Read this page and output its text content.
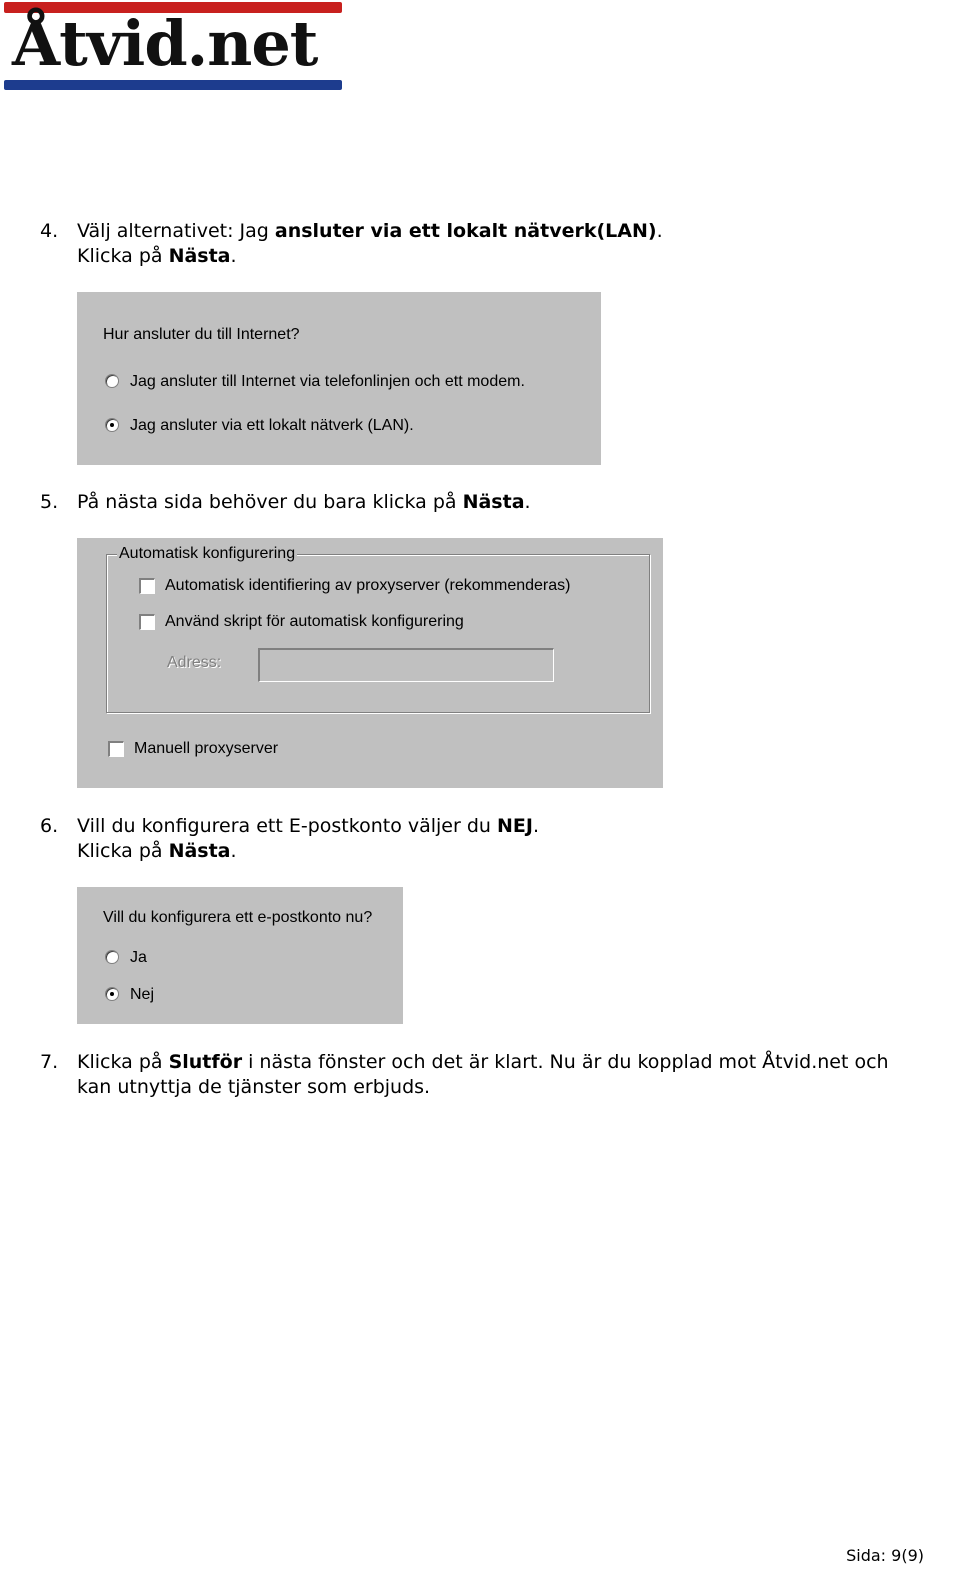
Åtvid.net
4. Välj alternativet: Jag ansluter via ett lokalt nätverk(LAN).
Klicka på Nästa.
Hur ansluter du till Internet?
Jag ansluter till Internet via telefonlinjen och ett modem.
Jag ansluter via ett lokalt nätverk (LAN).
5. På nästa sida behöver du bara klicka på Nästa.
Automatisk konfigurering
Automatisk identifiering av proxyserver (rekommenderas)
Använd skript för automatisk konfigurering
Adress:
Manuell proxyserver
6. Vill du konfigurera ett E-postkonto väljer du NEJ.
Klicka på Nästa.
Vill du konfigurera ett e-postkonto nu?
Ja
Nej
7. Klicka på Slutför i nästa fönster och det är klart. Nu är du kopplad mot Åtvid.net och
kan utnyttja de tjänster som erbjuds.
Sida: 9(9)
